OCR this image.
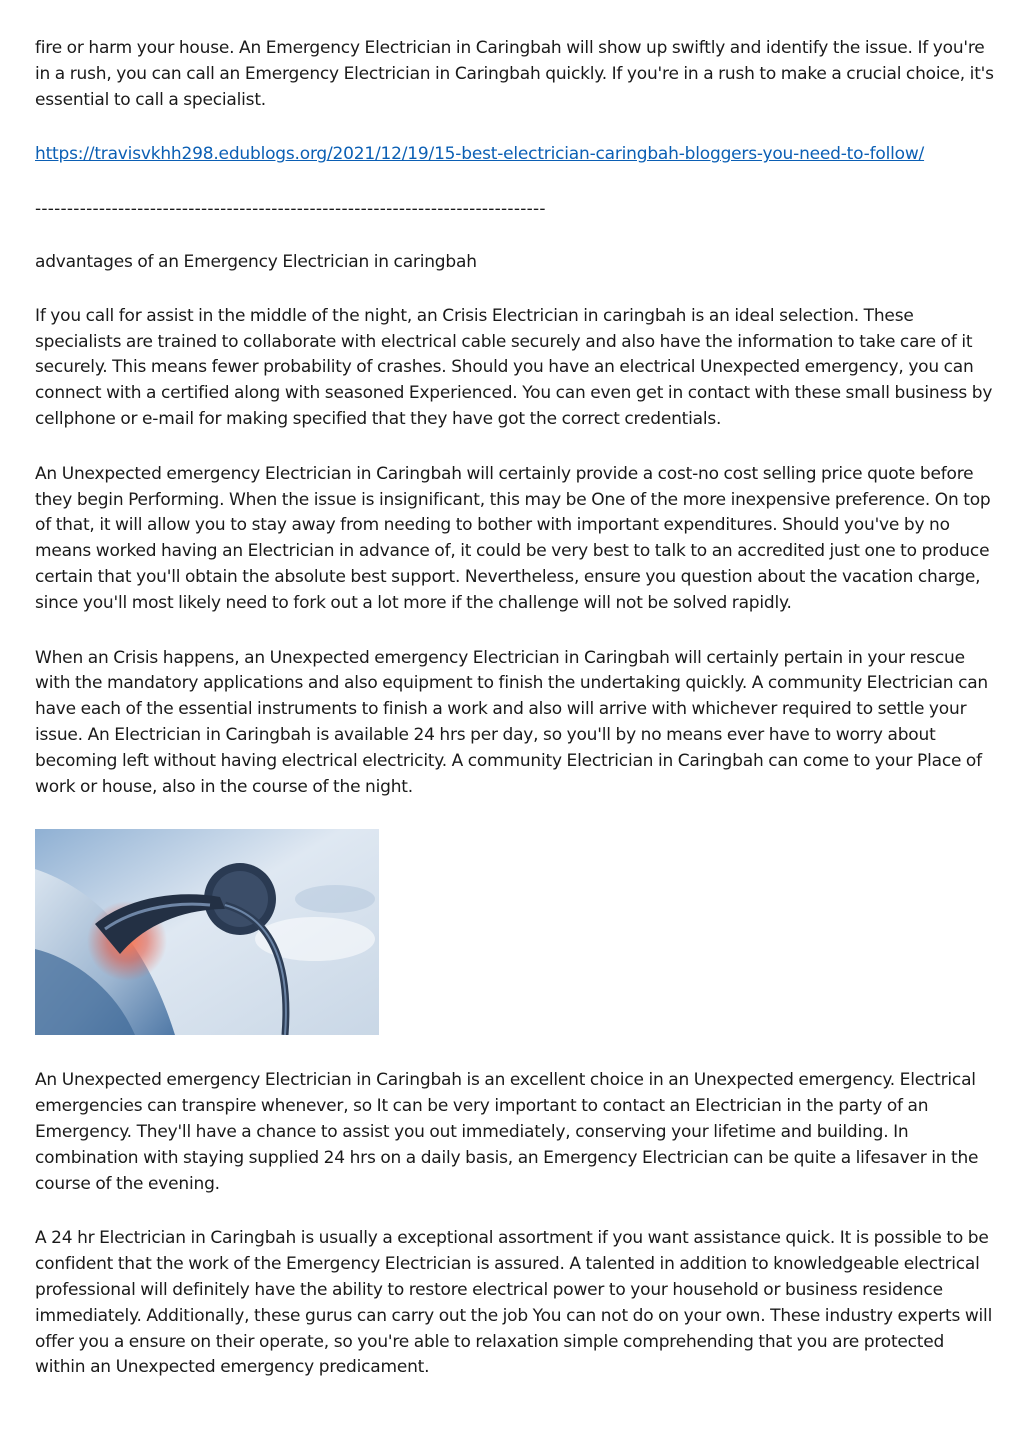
fire or harm your house. An Emergency Electrician in Caringbah will show up swiftly and identify the issue. If you're in a rush, you can call an Emergency Electrician in Caringbah quickly. If you're in a rush to make a crucial choice, it's essential to call a specialist.

https://travisvkhh298.edublogs.org/2021/12/19/15-best-electrician-caringbah-bloggers-you-need-to-follow/
--------------------------------------------------------------------------------

advantages of an Emergency Electrician in caringbah

If you call for assist in the middle of the night, an Crisis Electrician in caringbah is an ideal selection. These specialists are trained to collaborate with electrical cable securely and also have the information to take care of it securely. This means fewer probability of crashes. Should you have an electrical Unexpected emergency, you can connect with a certified along with seasoned Experienced. You can even get in contact with these small business by cellphone or e-mail for making specified that they have got the correct credentials.

An Unexpected emergency Electrician in Caringbah will certainly provide a cost-no cost selling price quote before they begin Performing. When the issue is insignificant, this may be One of the more inexpensive preference. On top of that, it will allow you to stay away from needing to bother with important expenditures. Should you've by no means worked having an Electrician in advance of, it could be very best to talk to an accredited just one to produce certain that you'll obtain the absolute best support. Nevertheless, ensure you question about the vacation charge, since you'll most likely need to fork out a lot more if the challenge will not be solved rapidly.

When an Crisis happens, an Unexpected emergency Electrician in Caringbah will certainly pertain in your rescue with the mandatory applications and also equipment to finish the undertaking quickly. A community Electrician can have each of the essential instruments to finish a work and also will arrive with whichever required to settle your issue. An Electrician in Caringbah is available 24 hrs per day, so you'll by no means ever have to worry about becoming left without having electrical electricity. A community Electrician in Caringbah can come to your Place of work or house, also in the course of the night.

An Unexpected emergency Electrician in Caringbah is an excellent choice in an Unexpected emergency. Electrical emergencies can transpire whenever, so It can be very important to contact an Electrician in the party of an Emergency. They'll have a chance to assist you out immediately, conserving your lifetime and building. In combination with staying supplied 24 hrs on a daily basis, an Emergency Electrician can be quite a lifesaver in the course of the evening.

A 24 hr Electrician in Caringbah is usually a exceptional assortment if you want assistance quick. It is possible to be confident that the work of the Emergency Electrician is assured. A talented in addition to knowledgeable electrical professional will definitely have the ability to restore electrical power to your household or business residence immediately. Additionally, these gurus can carry out the job You can not do on your own. These industry experts will offer you a ensure on their operate, so you're able to relaxation simple comprehending that you are protected within an Unexpected emergency predicament.
